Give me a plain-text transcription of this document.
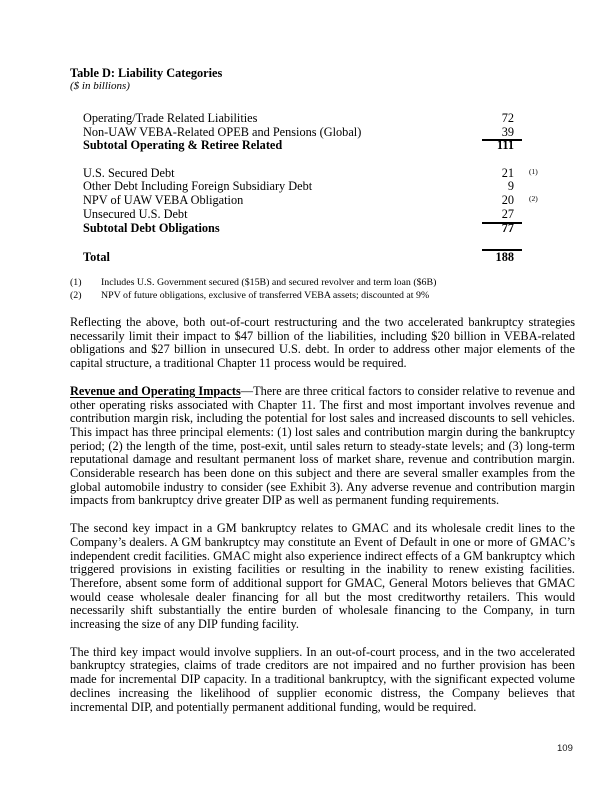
Table D: Liability Categories
($ in billions)
Operating/Trade Related Liabilities	72
Non-UAW VEBA-Related OPEB and Pensions (Global)	39
Subtotal Operating & Retiree Related	111
U.S. Secured Debt	21	(1)
Other Debt Including Foreign Subsidiary Debt	9
NPV of UAW VEBA Obligation	20	(2)
Unsecured U.S. Debt	27
Subtotal Debt Obligations	77
Total	188
(1)	Includes U.S. Government secured ($15B) and secured revolver and term loan ($6B)
(2)	NPV of future obligations, exclusive of transferred VEBA assets; discounted at 9%

Reflecting the above, both out-of-court restructuring and the two accelerated bankruptcy strategies necessarily limit their impact to $47 billion of the liabilities, including $20 billion in VEBA-related obligations and $27 billion in unsecured U.S. debt. In order to address other major elements of the capital structure, a traditional Chapter 11 process would be required.

Revenue and Operating Impacts—There are three critical factors to consider relative to revenue and other operating risks associated with Chapter 11. The first and most important involves revenue and contribution margin risk, including the potential for lost sales and increased discounts to sell vehicles. This impact has three principal elements: (1) lost sales and contribution margin during the bankruptcy period; (2) the length of the time, post-exit, until sales return to steady-state levels; and (3) long-term reputational damage and resultant permanent loss of market share, revenue and contribution margin. Considerable research has been done on this subject and there are several smaller examples from the global automobile industry to consider (see Exhibit 3). Any adverse revenue and contribution margin impacts from bankruptcy drive greater DIP as well as permanent funding requirements.

The second key impact in a GM bankruptcy relates to GMAC and its wholesale credit lines to the Company’s dealers. A GM bankruptcy may constitute an Event of Default in one or more of GMAC’s independent credit facilities. GMAC might also experience indirect effects of a GM bankruptcy which triggered provisions in existing facilities or resulting in the inability to renew existing facilities. Therefore, absent some form of additional support for GMAC, General Motors believes that GMAC would cease wholesale dealer financing for all but the most creditworthy retailers. This would necessarily shift substantially the entire burden of wholesale financing to the Company, in turn increasing the size of any DIP funding facility.

The third key impact would involve suppliers. In an out-of-court process, and in the two accelerated bankruptcy strategies, claims of trade creditors are not impaired and no further provision has been made for incremental DIP capacity. In a traditional bankruptcy, with the significant expected volume declines increasing the likelihood of supplier economic distress, the Company believes that incremental DIP, and potentially permanent additional funding, would be required.

109
